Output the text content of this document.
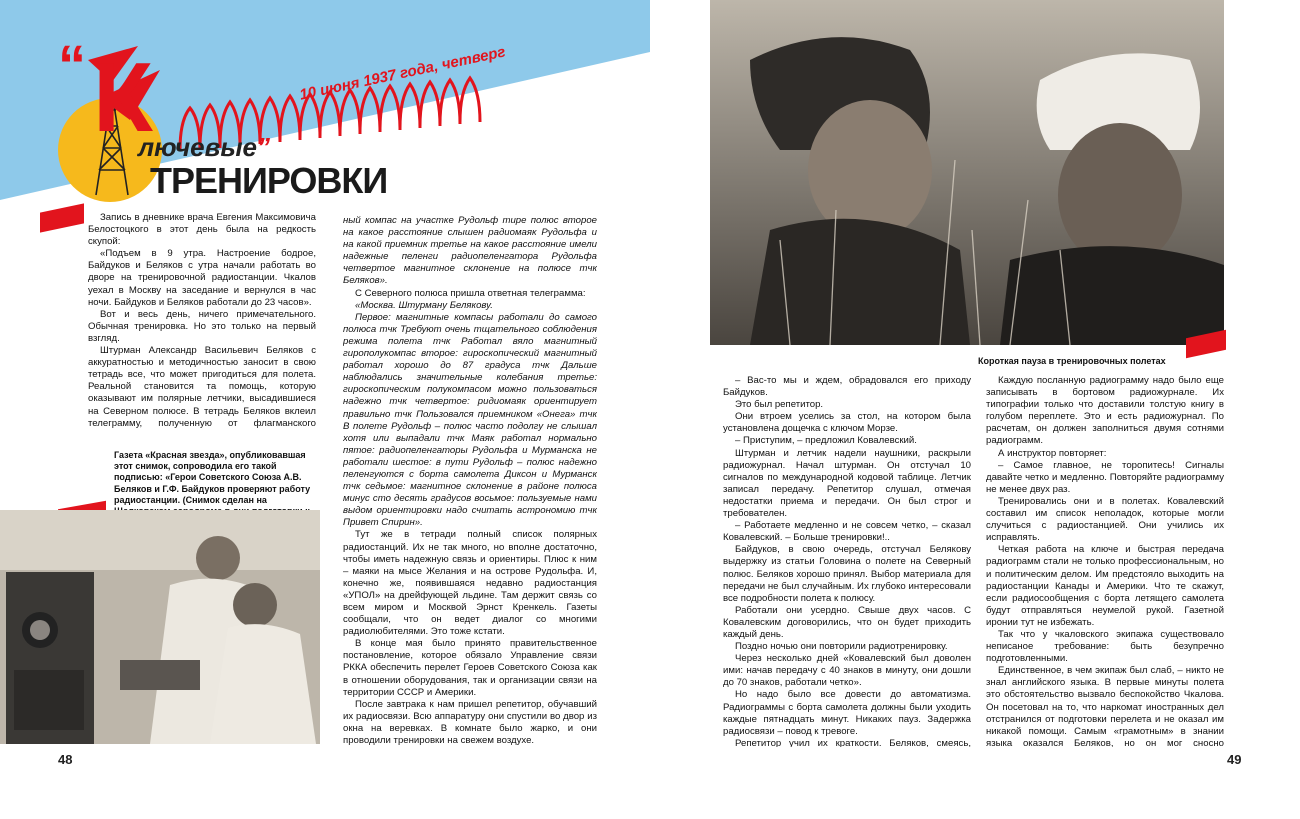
“ К
лючевые”
ТРЕНИРОВКИ
10 июня 1937 года, четверг

Запись в дневнике врача Евгения Максимовича Белостоцкого в этот день была на редкость скупой:

«Подъем в 9 утра. Настроение бодрое, Байдуков и Беляков с утра начали работать во дворе на тренировочной радиостанции. Чкалов уехал в Москву на заседание и вернулся в час ночи. Байдуков и Беляков работали до 23 часов».

Вот и весь день, ничего примечательного. Обычная тренировка. Но это только на первый взгляд.

Штурман Александр Васильевич Беляков с аккуратностью и методичностью заносит в свою тетрадь все, что может пригодиться для полета. Реальной становится та помощь, которую оказывают им полярные летчики, высадившиеся на Северном полюсе. В тетрадь Беляков вклеил телеграмму, полученную от флагманского

Газета «Красная звезда», опубликовавшая этот снимок, сопроводила его такой подписью: «Герои Советского Союза А.В. Беляков и Г.Ф. Байдуков проверяют работу радиостанции. (Снимок сделан на

ный компас на участке Рудольф тире полюс второе на какое расстояние слышен радиомаяк Рудольфа и на какой приемник третье на какое расстояние имели надежные пеленги радиопеленгатора Рудольфа четвертое магнитное склонение на полюсе тчк Беляков».

С Северного полюса пришла ответная телеграмма:

«Москва. Штурману Белякову.

Первое: магнитные компасы работали до самого полюса тчк Требуют очень тщательного соблюдения режима полета тчк Работал вяло магнитный гирополукомпас второе: гироскопический магнитный работал хорошо до 87 градуса тчк Дальше наблюдались значительные колебания третье: гироскопическим полукомпасом можно пользоваться надежно тчк четвертое: ридиомаяк ориентирует правильно тчк Пользовался приемником «Онега» тчк В полете Рудольф – полюс часто подолгу не слышал хотя или выпадали тчк Маяк работал нормально пятое: радиопеленгаторы Рудольфа и Мурманска не работали шестое: в пути Рудольф – полюс надежно пеленгуются с борта самолета Диксон и Мурманск тчк седьмое: магнитное склонение в районе полюса минус сто десять градусов восьмое: пользуемые нами выдом ориентировки надо считать астрономию тчк Привет Спирин».

Тут же в тетради полный список полярных радиостанций. Их не так много, но вполне достаточно, чтобы иметь надежную связь и ориентиры. Плюс к ним – маяки на мысе Желания и на острове Рудольфа. И, конечно же, появившаяся недавно радиостанция «УПОЛ» на дрейфующей льдине. Там держит связь со всем миром и Москвой Эрнст Кренкель. Газеты сообщали, что он ведет диалог со многими радиолюбителями. Это тоже кстати.

В конце мая было принято правительственное постановление, которое обязало Управление связи РККА обеспечить перелет Героев Советского Союза как в отношении оборудования, так и организации связи на территории СССР и Америки.

После завтрака к нам пришел репетитор, обучавший их радиосвязи. Всю аппаратуру они спустили во двор из окна на веревках. В комнате было жарко, и они проводили тренировки на свежем воздухе.

48
Короткая пауза в тренировочных полетах

– Вас-то мы и ждем, обрадовался его приходу Байдуков.

Это был репетитор.

Они втроем уселись за стол, на котором была установлена дощечка с ключом Морзе.

– Приступим, – предложил Ковалевский.

Штурман и летчик надели наушники, раскрыли радиожурнал. Начал штурман. Он отстучал 10 сигналов по международной кодовой таблице. Летчик записал передачу. Репетитор слушал, отмечая недостатки приема и передачи. Он был строг и требователен.

– Работаете медленно и не совсем четко, – сказал Ковалевский. – Больше тренировки!..

Байдуков, в свою очередь, отстучал Белякову выдержку из статьи Головина о полете на Северный полюс. Беляков хорошо принял. Выбор материала для передачи не был случайным. Их глубоко интересовали все подробности полета к полюсу.

Работали они усердно. Свыше двух часов. С Ковалевским договорились, что он будет приходить каждый день.

Поздно ночью они повторили радиотренировку.

Через несколько дней «Ковалевский был доволен ими: начав передачу с 40 знаков в минуту, они дошли до 70 знаков, работали четко».

Но надо было все довести до автоматизма. Радиограммы с борта самолета должны были уходить каждые пятнадцать минут. Никаких пауз. Задержка радиосвязи – повод к тревоге.

Репетитор учил их краткости. Беляков, смеясь,

Каждую посланную радиограмму надо было еще записывать в бортовом радиожурнале. Их типографии только что доставили толстую книгу в голубом переплете. Это и есть радиожурнал. По расчетам, он должен заполниться двумя сотнями радиограмм.

А инструктор повторяет:

– Самое главное, не торопитесь! Сигналы давайте четко и медленно. Повторяйте радиограмму не менее двух раз.

Тренировались они и в полетах. Ковалевский составил им список неполадок, которые могли случиться с радиостанцией. Они учились их исправлять.

Четкая работа на ключе и быстрая передача радиограмм стали не только профессиональным, но и политическим делом. Им предстояло выходить на радиостанции Канады и Америки. Что те скажут, если радиосообщения с борта летящего самолета будут отправляться неумелой рукой. Газетной иронии тут не избежать.

Так что у чкаловского экипажа существовало неписаное требование: быть безупречно подготовленными.

Единственное, в чем экипаж был слаб, – никто не знал английского языка. В первые минуты полета это обстоятельство вызвало беспокойство Чкалова. Он посетовал на то, что наркомат иностранных дел отстранился от подготовки перелета и не оказал им никакой помощи. Самым «грамотным» в знании языка оказался Беляков, но он мог сносно

49
